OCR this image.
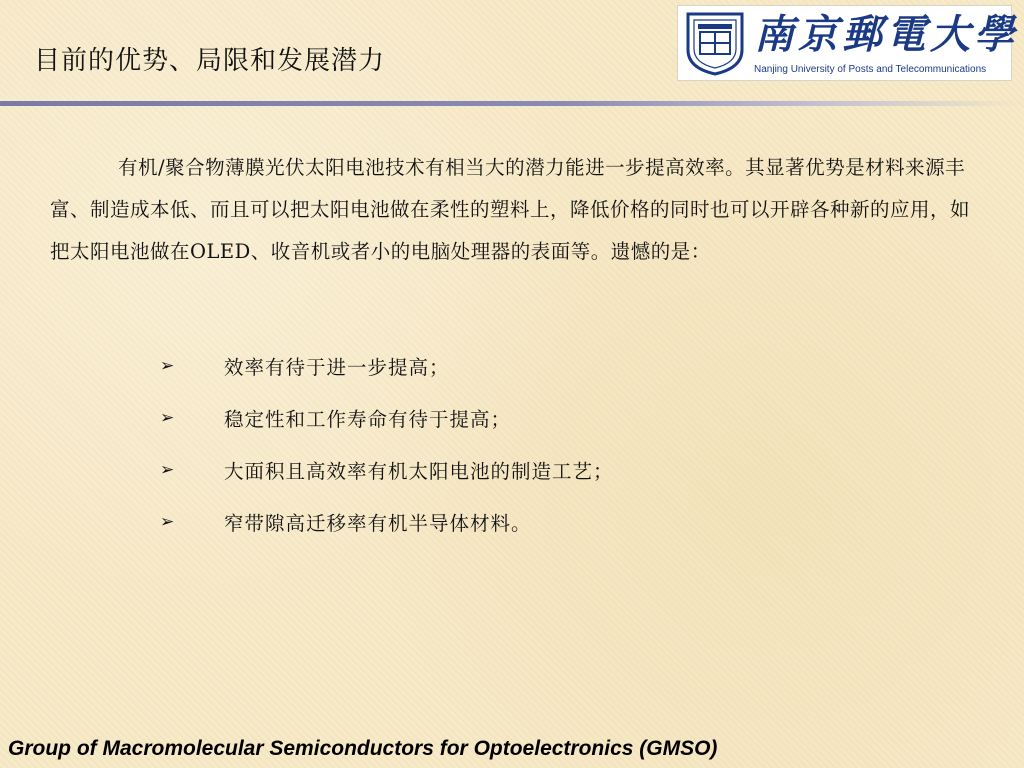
目前的优势、局限和发展潜力
南京郵電大學
Nanjing University of Posts and Telecommunications

有机/聚合物薄膜光伏太阳电池技术有相当大的潜力能进一步提高效率。其显著优势是材料来源丰富、制造成本低、而且可以把太阳电池做在柔性的塑料上，降低价格的同时也可以开辟各种新的应用，如把太阳电池做在OLED、收音机或者小的电脑处理器的表面等。遗憾的是：

➢	效率有待于进一步提高；
➢	稳定性和工作寿命有待于提高；
➢	大面积且高效率有机太阳电池的制造工艺；
➢	窄带隙高迁移率有机半导体材料。
Group of Macromolecular Semiconductors for Optoelectronics (GMSO)
